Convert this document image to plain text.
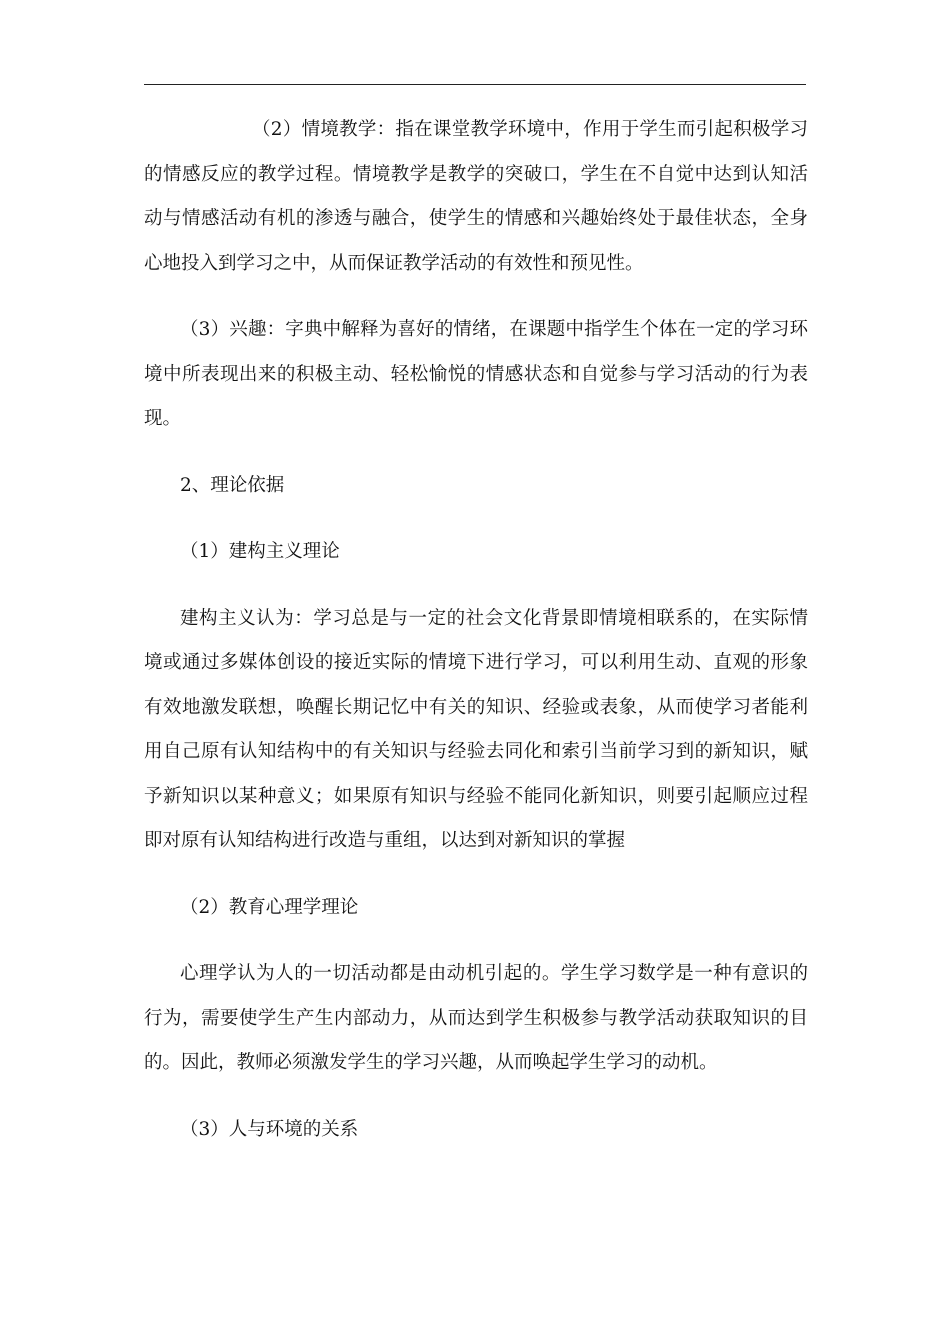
（2）情境教学：指在课堂教学环境中，作用于学生而引起积极学习的情感反应的教学过程。情境教学是教学的突破口，学生在不自觉中达到认知活动与情感活动有机的渗透与融合，使学生的情感和兴趣始终处于最佳状态，全身心地投入到学习之中，从而保证教学活动的有效性和预见性。

（3）兴趣：字典中解释为喜好的情绪，在课题中指学生个体在一定的学习环境中所表现出来的积极主动、轻松愉悦的情感状态和自觉参与学习活动的行为表现。

2、理论依据

（1）建构主义理论

建构主义认为：学习总是与一定的社会文化背景即情境相联系的，在实际情境或通过多媒体创设的接近实际的情境下进行学习，可以利用生动、直观的形象有效地激发联想，唤醒长期记忆中有关的知识、经验或表象，从而使学习者能利用自己原有认知结构中的有关知识与经验去同化和索引当前学习到的新知识，赋予新知识以某种意义；如果原有知识与经验不能同化新知识，则要引起顺应过程即对原有认知结构进行改造与重组，以达到对新知识的掌握

（2）教育心理学理论

心理学认为人的一切活动都是由动机引起的。学生学习数学是一种有意识的行为，需要使学生产生内部动力，从而达到学生积极参与教学活动获取知识的目的。因此，教师必须激发学生的学习兴趣，从而唤起学生学习的动机。

（3）人与环境的关系
